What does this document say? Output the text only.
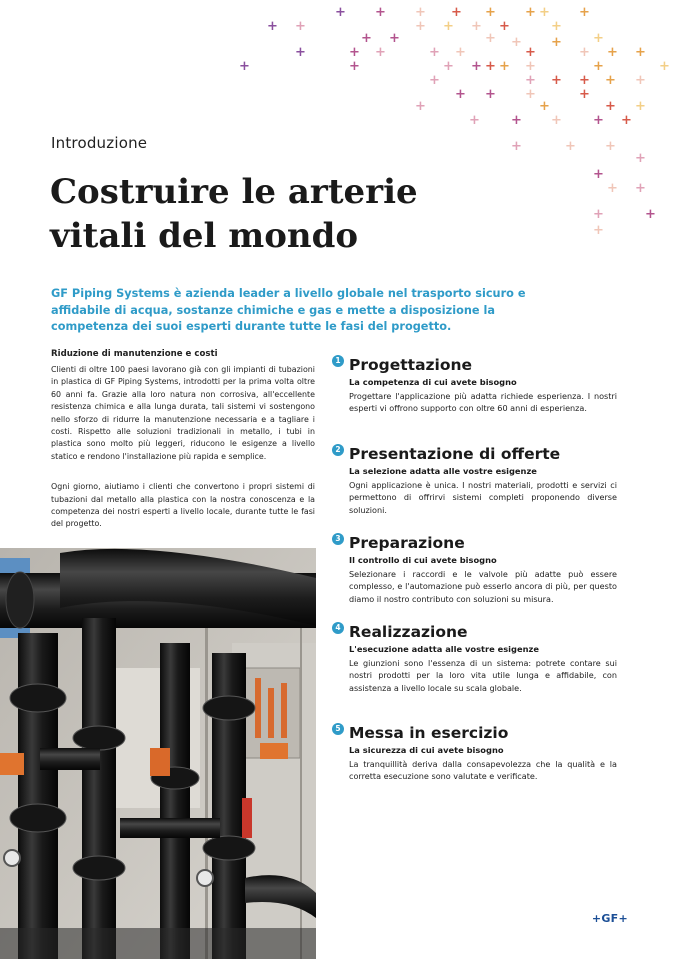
+ + + + + + + +
+ +
+ +
+ + + +	+
+
+ +	+ +
+ +
+
+
+ + +
+
+
+	+ + + + +	+	+
+
+ +
+ + + + +
+
+
+
+
+ +
+ + + + +
+	+ +
+
+
+ +
+	+
+
Introduzione
Costruire le arterie vitali del mondo

GF Piping Systems è azienda leader a livello globale nel trasporto sicuro e affidabile di acqua, sostanze chimiche e gas e mette a disposizione la competenza dei suoi esperti durante tutte le fasi del progetto.

Riduzione di manutenzione e costi

Clienti di oltre 100 paesi lavorano già con gli impianti di tubazioni in plastica di GF Piping Systems, introdotti per la prima volta oltre 60 anni fa. Grazie alla loro natura non corrosiva, all'eccellente resistenza chimica e alla lunga durata, tali sistemi vi sostengono nello sforzo di ridurre la manutenzione necessaria e a tagliare i costi. Rispetto alle soluzioni tradizionali in metallo, i tubi in plastica sono molto più leggeri, riducono le esigenze a livello statico e rendono l'installazione più rapida e semplice.

Ogni giorno, aiutiamo i clienti che convertono i propri sistemi di tubazioni dal metallo alla plastica con la nostra conoscenza e la competenza dei nostri esperti a livello locale, durante tutte le fasi del progetto.

1 Progettazione
La competenza di cui avete bisogno

Progettare l'applicazione più adatta richiede esperienza. I nostri esperti vi offrono supporto con oltre 60 anni di esperienza.

2 Presentazione di offerte
La selezione adatta alle vostre esigenze

Ogni applicazione è unica. I nostri materiali, prodotti e servizi ci permettono di offrirvi sistemi completi proponendo diverse soluzioni.

3 Preparazione
Il controllo di cui avete bisogno

Selezionare i raccordi e le valvole più adatte può essere complesso, e l'automazione può esserlo ancora di più, per questo diamo il nostro contributo con soluzioni su misura.

4 Realizzazione
L'esecuzione adatta alle vostre esigenze

Le giunzioni sono l'essenza di un sistema: potrete contare sui nostri prodotti per la loro vita utile lunga e affidabile, con assistenza a livello locale su scala globale.

5 Messa in esercizio
La sicurezza di cui avete bisogno

La tranquillità deriva dalla consapevolezza che la qualità e la corretta esecuzione sono valutate e verificate.

+GF+
